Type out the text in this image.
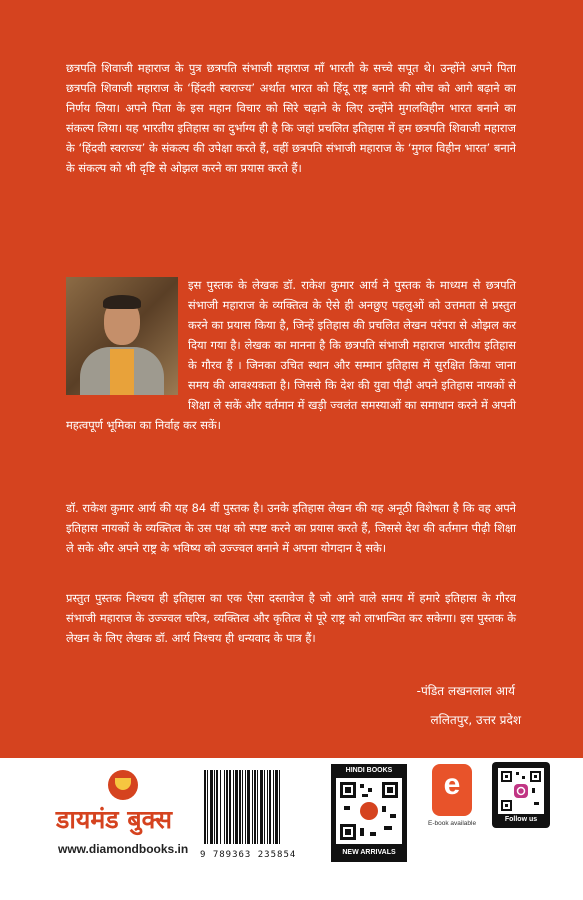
छत्रपति शिवाजी महाराज के पुत्र छत्रपति संभाजी महाराज माँ भारती के सच्चे सपूत थे। उन्होंने अपने पिता छत्रपति शिवाजी महाराज के ‘हिंदवी स्वराज्य’ अर्थात भारत को हिंदू राष्ट्र बनाने की सोच को आगे बढ़ाने का निर्णय लिया। अपने पिता के इस महान विचार को सिरे चढ़ाने के लिए उन्होंने मुगलविहीन भारत बनाने का संकल्प लिया। यह भारतीय इतिहास का दुर्भाग्य ही है कि जहां प्रचलित इतिहास में हम छत्रपति शिवाजी महाराज के ‘हिंदवी स्वराज्य’ के संकल्प की उपेक्षा करते हैं, वहीं छत्रपति संभाजी महाराज के ‘मुगल विहीन भारत’ बनाने के संकल्प को भी दृष्टि से ओझल करने का प्रयास करते हैं।

इस पुस्तक के लेखक डॉ. राकेश कुमार आर्य ने पुस्तक के माध्यम से छत्रपति संभाजी महाराज के व्यक्तित्व के ऐसे ही अनछुए पहलुओं को उत्तमता से प्रस्तुत करने का प्रयास किया है, जिन्हें इतिहास की प्रचलित लेखन परंपरा से ओझल कर दिया गया है। लेखक का मानना है कि छत्रपति संभाजी महाराज भारतीय इतिहास के गौरव हैं । जिनका उचित स्थान और सम्मान इतिहास में सुरक्षित किया जाना समय की आवश्यकता है। जिससे कि देश की युवा पीढ़ी अपने इतिहास नायकों से शिक्षा ले सकें और वर्तमान में खड़ी ज्वलंत समस्याओं का समाधान करने में अपनी महत्वपूर्ण भूमिका का निर्वाह कर सकें।

डॉ. राकेश कुमार आर्य की यह 84 वीं पुस्तक है। उनके इतिहास लेखन की यह अनूठी विशेषता है कि वह अपने इतिहास नायकों के व्यक्तित्व के उस पक्ष को स्पष्ट करने का प्रयास करते हैं, जिससे देश की वर्तमान पीढ़ी शिक्षा ले सके और अपने राष्ट्र के भविष्य को उज्ज्वल बनाने में अपना योगदान दे सके।

प्रस्तुत पुस्तक निश्चय ही इतिहास का एक ऐसा दस्तावेज है जो आने वाले समय में हमारे इतिहास के गौरव संभाजी महाराज के उज्ज्वल चरित्र, व्यक्तित्व और कृतित्व से पूरे राष्ट्र को लाभान्वित कर सकेगा। इस पुस्तक के लेखन के लिए लेखक डॉ. आर्य निश्चय ही धन्यवाद के पात्र हैं।

-पंडित लखनलाल आर्य
ललितपुर, उत्तर प्रदेश
डायमंड बुक्स
www.diamondbooks.in 9 789363 235854
HINDI BOOKS
NEW ARRIVALS
e
E-book available
Follow us
